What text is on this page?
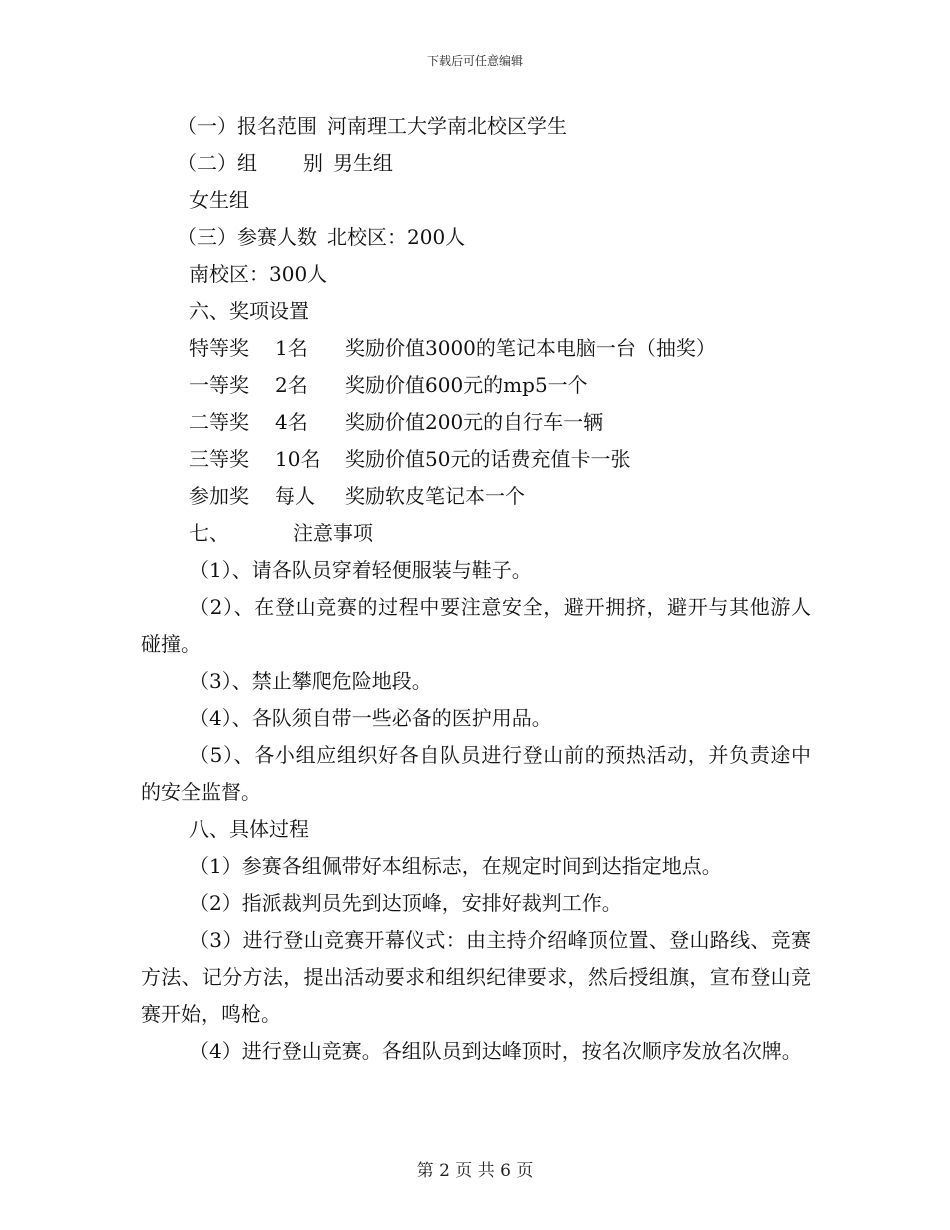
下载后可任意编辑
（一）报名范围 河南理工大学南北校区学生
（二）组 别 男生组
女生组
（三）参赛人数 北校区：200人
南校区：300人
六、奖项设置
特等奖 1名 奖励价值3000的笔记本电脑一台（抽奖）
一等奖 2名 奖励价值600元的mp5一个
二等奖 4名 奖励价值200元的自行车一辆
三等奖 10名 奖励价值50元的话费充值卡一张
参加奖 每人 奖励软皮笔记本一个
七、	注意事项

（1）、请各队员穿着轻便服装与鞋子。

（2）、在登山竞赛的过程中要注意安全，避开拥挤，避开与其他游人碰撞。

（3）、禁止攀爬危险地段。

（4）、各队须自带一些必备的医护用品。

（5）、各小组应组织好各自队员进行登山前的预热活动，并负责途中的安全监督。

八、具体过程

（1）参赛各组佩带好本组标志，在规定时间到达指定地点。

（2）指派裁判员先到达顶峰，安排好裁判工作。

（3）进行登山竞赛开幕仪式：由主持介绍峰顶位置、登山路线、竞赛方法、记分方法，提出活动要求和组织纪律要求，然后授组旗，宣布登山竞赛开始，鸣枪。

（4）进行登山竞赛。各组队员到达峰顶时，按名次顺序发放名次牌。

第 2 页 共 6 页
